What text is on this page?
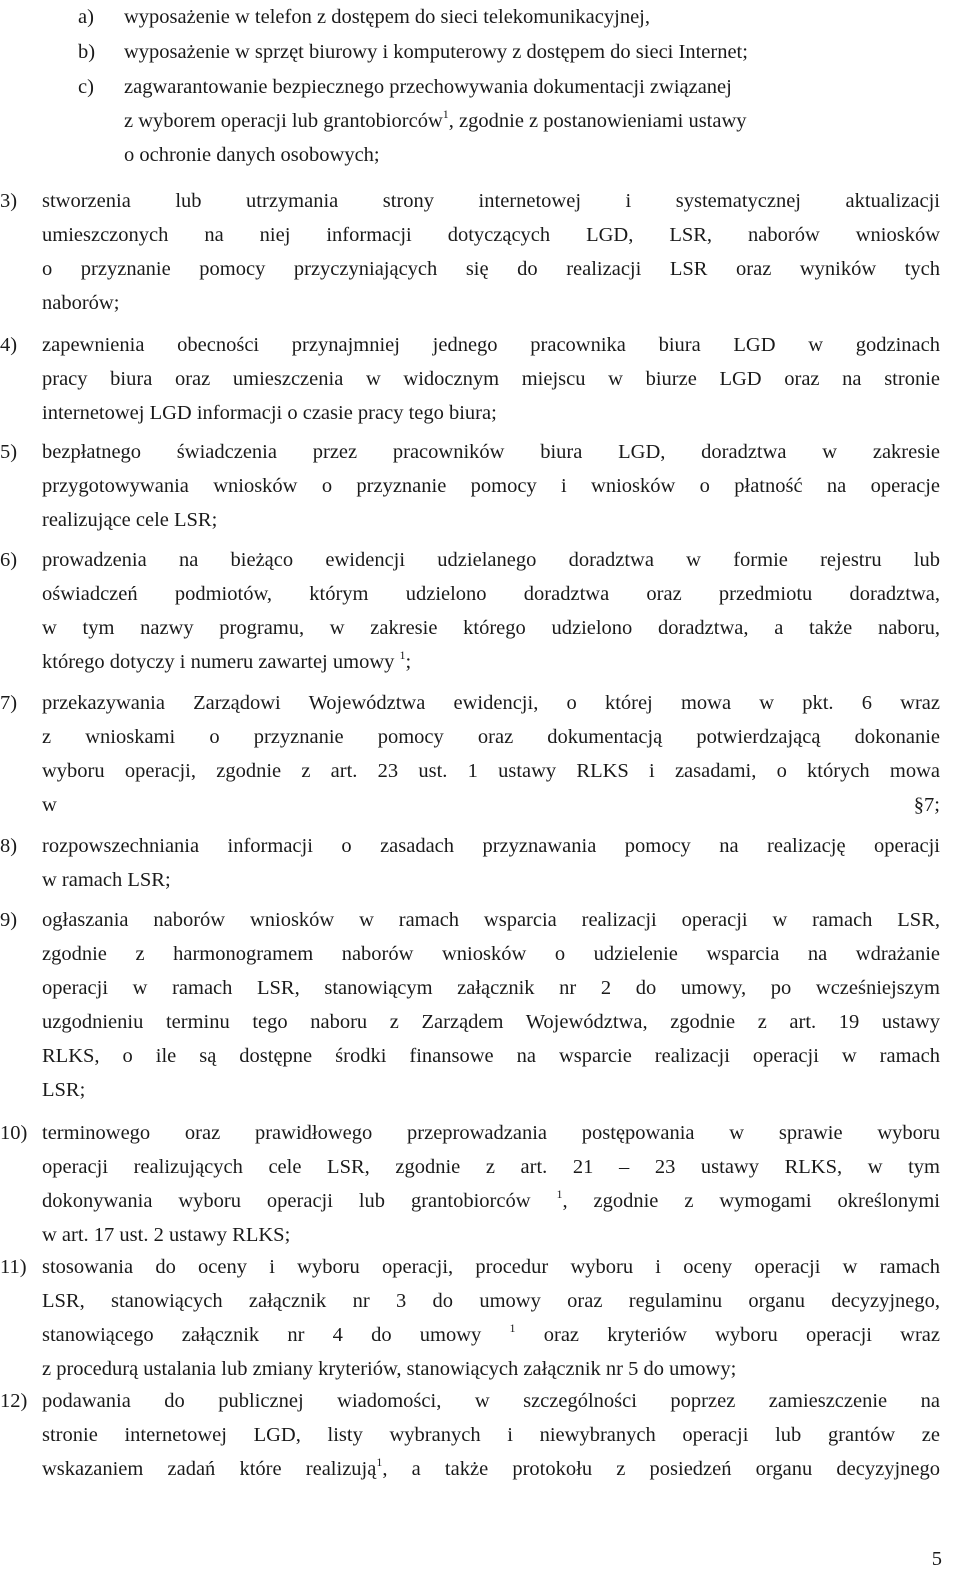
a) wyposażenie w telefon z dostępem do sieci telekomunikacyjnej,
b) wyposażenie w sprzęt biurowy i komputerowy z dostępem do sieci Internet;
c) zagwarantowanie bezpiecznego przechowywania dokumentacji związanej
z wyborem operacji lub grantobiorców$^1$, zgodnie z postanowieniami ustawy
o ochronie danych osobowych;
3) stworzenia lub utrzymania strony internetowej i systematycznej aktualizacji
umieszczonych na niej informacji dotyczących LGD, LSR, naborów wniosków
o przyznanie pomocy przyczyniających się do realizacji LSR oraz wyników tych
naborów;
4) zapewnienia obecności przynajmniej jednego pracownika biura LGD w godzinach
pracy biura oraz umieszczenia w widocznym miejscu w biurze LGD oraz na stronie
internetowej LGD informacji o czasie pracy tego biura;
5) bezpłatnego świadczenia przez pracowników biura LGD, doradztwa w zakresie
przygotowywania wniosków o przyznanie pomocy i wniosków o płatność na operacje
realizujące cele LSR;
6) prowadzenia na bieżąco ewidencji udzielanego doradztwa w formie rejestru lub
oświadczeń podmiotów, którym udzielono doradztwa oraz przedmiotu doradztwa,
w tym nazwy programu, w zakresie którego udzielono doradztwa, a także naboru,
którego dotyczy i numeru zawartej umowy $^1$;
7) przekazywania Zarządowi Województwa ewidencji, o której mowa w pkt. 6 wraz
z wnioskami o przyznanie pomocy oraz dokumentacją potwierdzającą dokonanie
wyboru operacji, zgodnie z art. 23 ust. 1 ustawy RLKS i zasadami, o których mowa
w §7;
8) rozpowszechniania informacji o zasadach przyznawania pomocy na realizację operacji
w ramach LSR;
9) ogłaszania naborów wniosków w ramach wsparcia realizacji operacji w ramach LSR,
zgodnie z harmonogramem naborów wniosków o udzielenie wsparcia na wdrażanie
operacji w ramach LSR, stanowiącym załącznik nr 2 do umowy, po wcześniejszym
uzgodnieniu terminu tego naboru z Zarządem Województwa, zgodnie z art. 19 ustawy
RLKS, o ile są dostępne środki finansowe na wsparcie realizacji operacji w ramach
LSR;
10) terminowego oraz prawidłowego przeprowadzania postępowania w sprawie wyboru
operacji realizujących cele LSR, zgodnie z art. 21 – 23 ustawy RLKS, w tym
dokonywania wyboru operacji lub grantobiorców $^1$, zgodnie z wymogami określonymi
w art. 17 ust. 2 ustawy RLKS;
11) stosowania do oceny i wyboru operacji, procedur wyboru i oceny operacji w ramach
LSR, stanowiących załącznik nr 3 do umowy oraz regulaminu organu decyzyjnego,
stanowiącego załącznik nr 4 do umowy $^1$ oraz kryteriów wyboru operacji wraz
z procedurą ustalania lub zmiany kryteriów, stanowiących załącznik nr 5 do umowy;
12) podawania do publicznej wiadomości, w szczególności poprzez zamieszczenie na
stronie internetowej LGD, listy wybranych i niewybranych operacji lub grantów ze
wskazaniem zadań które realizują$^1$, a także protokołu z posiedzeń organu decyzyjnego
5
